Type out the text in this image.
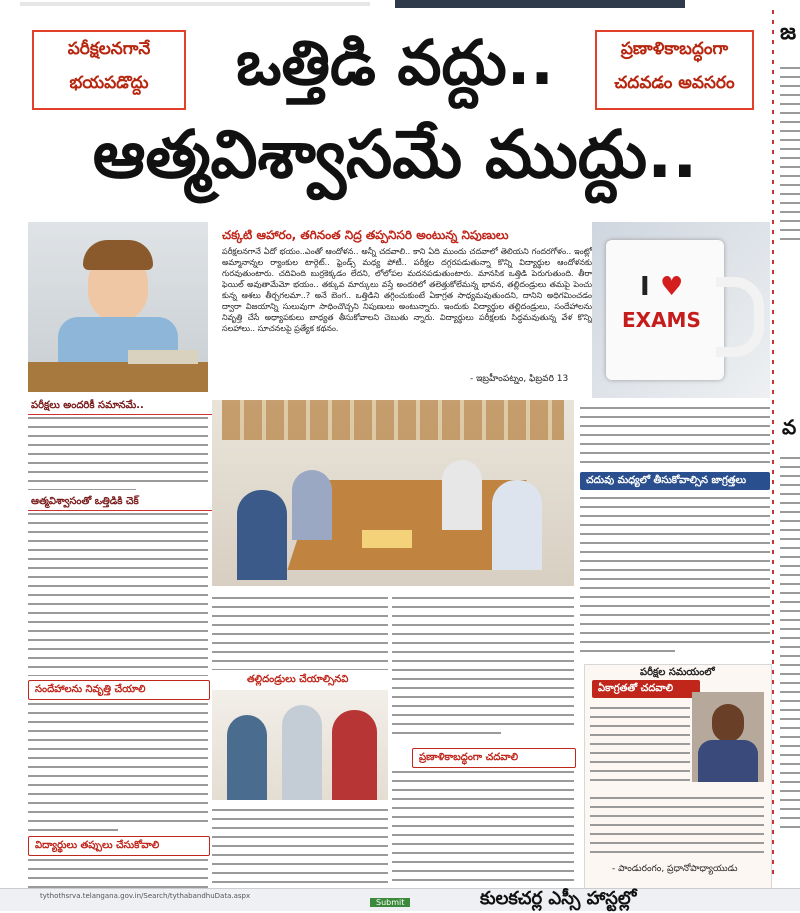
పరీక్షలనగానే
భయపడొద్దు
ప్రణాళికాబద్ధంగా
చదవడం అవసరం
ఒత్తిడి వద్దు..
ఆత్మవిశ్వాసమే ముద్దు..
చక్కటి ఆహారం, తగినంత నిద్ర తప్పనిసరి అంటున్న నిపుణులు
పరీక్షలనగానే ఏదో భయం..ఎంతో ఆందోళన.. అన్నీ చదవాలి.. కాని ఏది ముందు చదవాలో తెలియని గందరగోళం.. ఇంట్లో అమ్మానాన్నల ర్యాంకుల టార్గెట్.. ఫ్రెండ్స్ మధ్య పోటీ.. పరీక్షల దగ్గరపడుతున్నా కొన్ని విద్యార్థుల ఆందోళనకు గురవుతుంటారు. చదివింది బుర్రకెక్కడం లేదని, లోలోపల మదనపడుతుంటారు. మానసిక ఒత్తిడి పెరుగుతుంది. తీరా ఫెయిల్ అవుతామేమో భయం.. తక్కువ మార్కులు వస్తే అందరిలో తలెత్తుకోలేమన్న భావన, తల్లిదండ్రులు తమపై పెంచు కున్న ఆశలు తీర్చగలమా..? అనే బెంగ.. ఒత్తిడిని తగ్గించుకుంటే ఏకాగ్రత సాధ్యమవుతుందని, దానిని అధిగమించడం ద్వారా విజయాన్ని సులువుగా సాధించొచ్చని నిపుణులు అంటున్నారు. ఇందుకు విద్యార్థుల తల్లిదండ్రులు, సందేహాలను నివృత్తి చేసే అధ్యాపకులు బాధ్యత తీసుకోవాలని చెబుతు న్నారు. విద్యార్థులు పరీక్షలకు సిద్ధమవుతున్న వేళ కొన్ని సలహాలు.. సూచనలపై ప్రత్యేక కథనం.
- ఇబ్రహీంపట్నం, ఫిబ్రవరి 13
I ♥
EXAMS
పరీక్షలు అందరికీ సమానమే..
ఆత్మవిశ్వాసంతో ఒత్తిడికి చెక్
సందేహాలను నివృత్తి చేయాలి
విద్యార్థులు తప్పులు చేసుకోవాలి
తల్లిదండ్రులు చేయాల్సినవి
ప్రణాళికాబద్ధంగా చదవాలి
చదువు మధ్యలో తీసుకోవాల్సిన జాగ్రత్తలు
పరీక్షల సమయంలో
ఏకాగ్రతతో చదవాలి
- పాండురంగం, ప్రధానోపాధ్యాయుడు
జ
వ
tythothsrva.telangana.gov.in/Search/tythabandhuData.aspx
Submit	కులకచర్ల ఎస్సీ హాస్టల్లో
